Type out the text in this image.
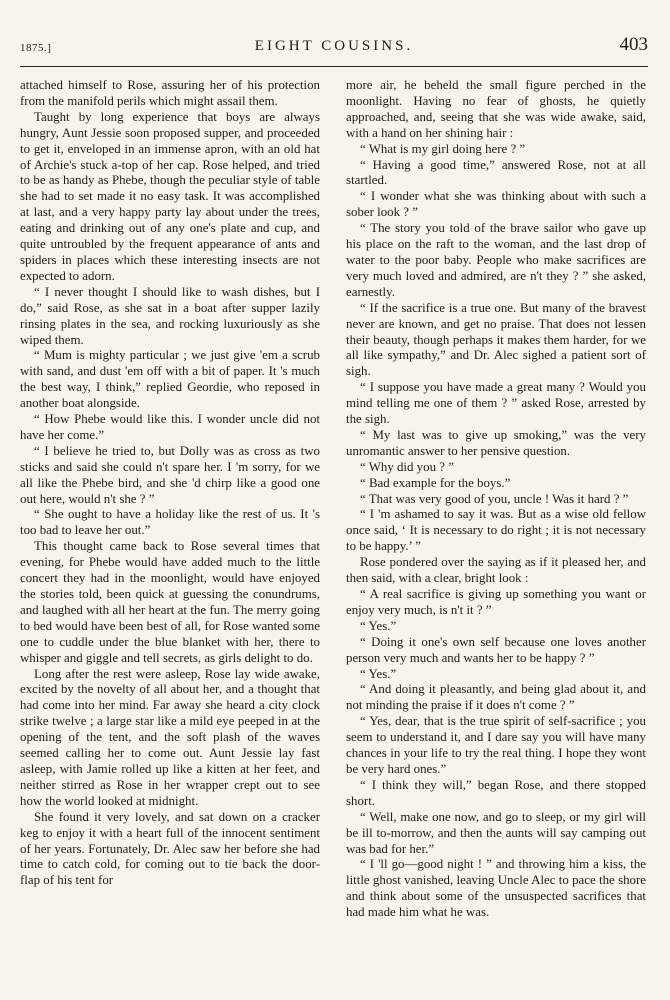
1875.]	EIGHT COUSINS.	403

attached himself to Rose, assuring her of his protection from the manifold perils which might assail them.

Taught by long experience that boys are always hungry, Aunt Jessie soon proposed supper, and proceeded to get it, enveloped in an immense apron, with an old hat of Archie's stuck a-top of her cap. Rose helped, and tried to be as handy as Phebe, though the peculiar style of table she had to set made it no easy task. It was accomplished at last, and a very happy party lay about under the trees, eating and drinking out of any one's plate and cup, and quite untroubled by the frequent appearance of ants and spiders in places which these interesting insects are not expected to adorn.

“ I never thought I should like to wash dishes, but I do,” said Rose, as she sat in a boat after supper lazily rinsing plates in the sea, and rocking luxuriously as she wiped them.

“ Mum is mighty particular ; we just give 'em a scrub with sand, and dust 'em off with a bit of paper. It 's much the best way, I think,” replied Geordie, who reposed in another boat alongside.

“ How Phebe would like this. I wonder uncle did not have her come.”

“ I believe he tried to, but Dolly was as cross as two sticks and said she could n't spare her. I 'm sorry, for we all like the Phebe bird, and she 'd chirp like a good one out here, would n't she ? ”

“ She ought to have a holiday like the rest of us. It 's too bad to leave her out.”

This thought came back to Rose several times that evening, for Phebe would have added much to the little concert they had in the moonlight, would have enjoyed the stories told, been quick at guessing the conundrums, and laughed with all her heart at the fun. The merry going to bed would have been best of all, for Rose wanted some one to cuddle under the blue blanket with her, there to whisper and giggle and tell secrets, as girls delight to do.

Long after the rest were asleep, Rose lay wide awake, excited by the novelty of all about her, and a thought that had come into her mind. Far away she heard a city clock strike twelve ; a large star like a mild eye peeped in at the opening of the tent, and the soft plash of the waves seemed calling her to come out. Aunt Jessie lay fast asleep, with Jamie rolled up like a kitten at her feet, and neither stirred as Rose in her wrapper crept out to see how the world looked at midnight.

She found it very lovely, and sat down on a cracker keg to enjoy it with a heart full of the innocent sentiment of her years. Fortunately, Dr. Alec saw her before she had time to catch cold, for coming out to tie back the door-flap of his tent for

more air, he beheld the small figure perched in the moonlight. Having no fear of ghosts, he quietly approached, and, seeing that she was wide awake, said, with a hand on her shining hair :

“ What is my girl doing here ? ”

“ Having a good time,” answered Rose, not at all startled.

“ I wonder what she was thinking about with such a sober look ? ”

“ The story you told of the brave sailor who gave up his place on the raft to the woman, and the last drop of water to the poor baby. People who make sacrifices are very much loved and admired, are n't they ? ” she asked, earnestly.

“ If the sacrifice is a true one. But many of the bravest never are known, and get no praise. That does not lessen their beauty, though perhaps it makes them harder, for we all like sympathy,” and Dr. Alec sighed a patient sort of sigh.

“ I suppose you have made a great many ? Would you mind telling me one of them ? ” asked Rose, arrested by the sigh.

“ My last was to give up smoking,” was the very unromantic answer to her pensive question.

“ Why did you ? ”

“ Bad example for the boys.”

“ That was very good of you, uncle ! Was it hard ? ”

“ I 'm ashamed to say it was. But as a wise old fellow once said, ‘ It is necessary to do right ; it is not necessary to be happy.’ ”

Rose pondered over the saying as if it pleased her, and then said, with a clear, bright look :

“ A real sacrifice is giving up something you want or enjoy very much, is n't it ? ”

“ Yes.”

“ Doing it one's own self because one loves another person very much and wants her to be happy ? ”

“ Yes.”

“ And doing it pleasantly, and being glad about it, and not minding the praise if it does n't come ? ”

“ Yes, dear, that is the true spirit of self-sacrifice ; you seem to understand it, and I dare say you will have many chances in your life to try the real thing. I hope they wont be very hard ones.”

“ I think they will,” began Rose, and there stopped short.

“ Well, make one now, and go to sleep, or my girl will be ill to-morrow, and then the aunts will say camping out was bad for her.”

“ I 'll go—good night ! ” and throwing him a kiss, the little ghost vanished, leaving Uncle Alec to pace the shore and think about some of the unsuspected sacrifices that had made him what he was.
